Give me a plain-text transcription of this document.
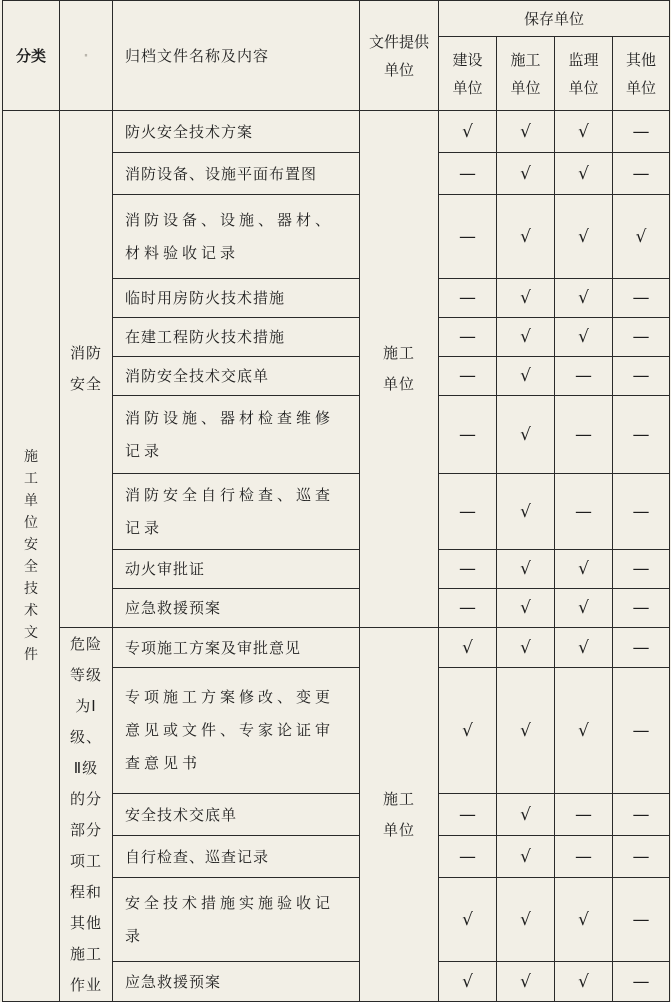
分类	·	归档文件名称及内容	文件提供单位	保存单位			
				建设单位	施工单位	监理单位	其他单位
施工单位安全技术文件	消防安全	防火安全技术方案	施工单位	√	√	√	—
		消防设备、设施平面布置图		—	√	√	—
		消防设备、设施、器材、材料验收记录		—	√	√	√
		临时用房防火技术措施		—	√	√	—
		在建工程防火技术措施		—	√	√	—
		消防安全技术交底单		—	√	—	—
		消防设施、器材检查维修记录		—	√	—	—
		消防安全自行检查、巡查记录		—	√	—	—
		动火审批证		—	√	√	—
		应急救援预案		—	√	√	—
	危险等级为Ⅰ级、Ⅱ级的分部分项工程和其他施工作业	专项施工方案及审批意见	施工单位	√	√	√	—
		专项施工方案修改、变更意见或文件、专家论证审查意见书		√	√	√	—
		安全技术交底单		—	√	—	—
		自行检查、巡查记录		—	√	—	—
		安全技术措施实施验收记录		√	√	√	—
		应急救援预案		√	√	√	—
